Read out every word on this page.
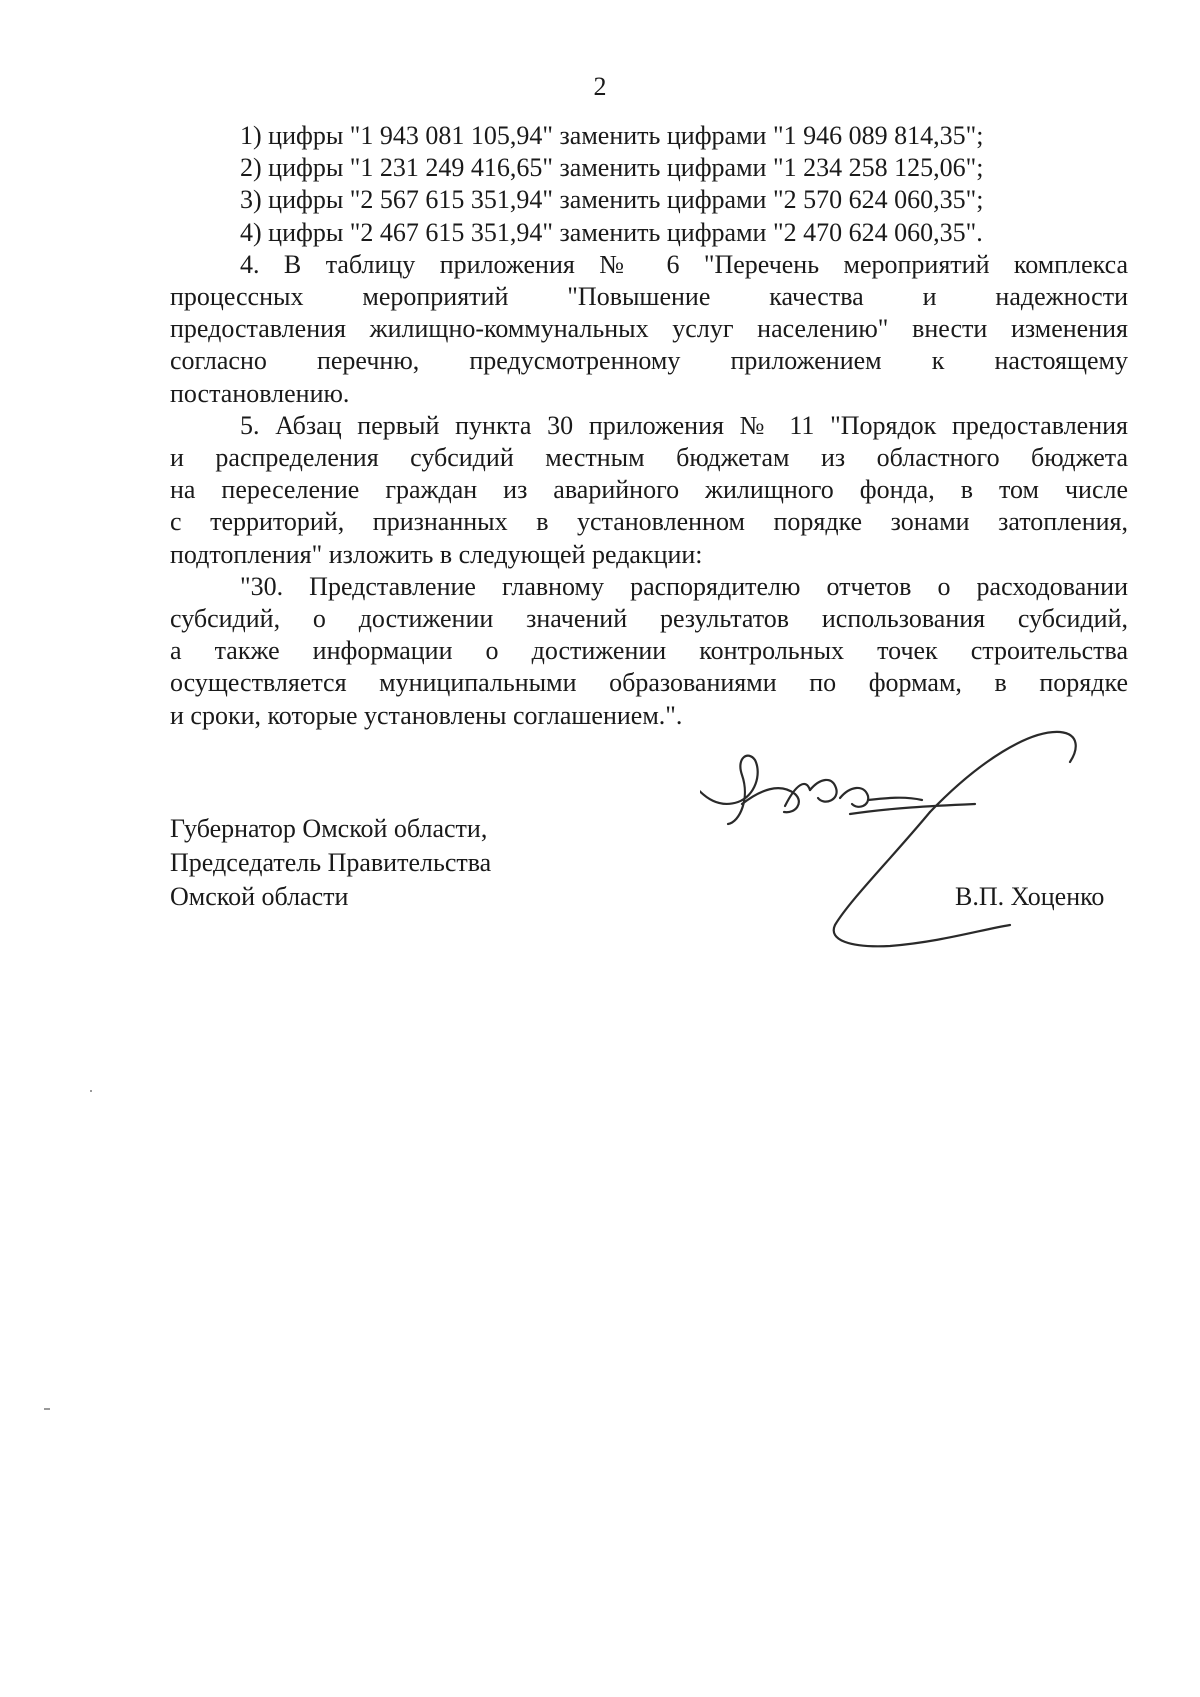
2
1) цифры "1 943 081 105,94" заменить цифрами "1 946 089 814,35";
2) цифры "1 231 249 416,65" заменить цифрами "1 234 258 125,06";
3) цифры "2 567 615 351,94" заменить цифрами "2 570 624 060,35";
4) цифры "2 467 615 351,94" заменить цифрами "2 470 624 060,35".
4. В таблицу приложения № 6 "Перечень мероприятий комплекса
процессных мероприятий "Повышение качества и надежности
предоставления жилищно-коммунальных услуг населению" внести изменения
согласно перечню, предусмотренному приложением к настоящему
постановлению.
5. Абзац первый пункта 30 приложения № 11 "Порядок предоставления
и распределения субсидий местным бюджетам из областного бюджета
на переселение граждан из аварийного жилищного фонда, в том числе
с территорий, признанных в установленном порядке зонами затопления,
подтопления" изложить в следующей редакции:
"30. Представление главному распорядителю отчетов о расходовании
субсидий, о достижении значений результатов использования субсидий,
а также информации о достижении контрольных точек строительства
осуществляется муниципальными образованиями по формам, в порядке
и сроки, которые установлены соглашением.".
Губернатор Омской области,
Председатель Правительства
Омской области	В.П. Хоценко
